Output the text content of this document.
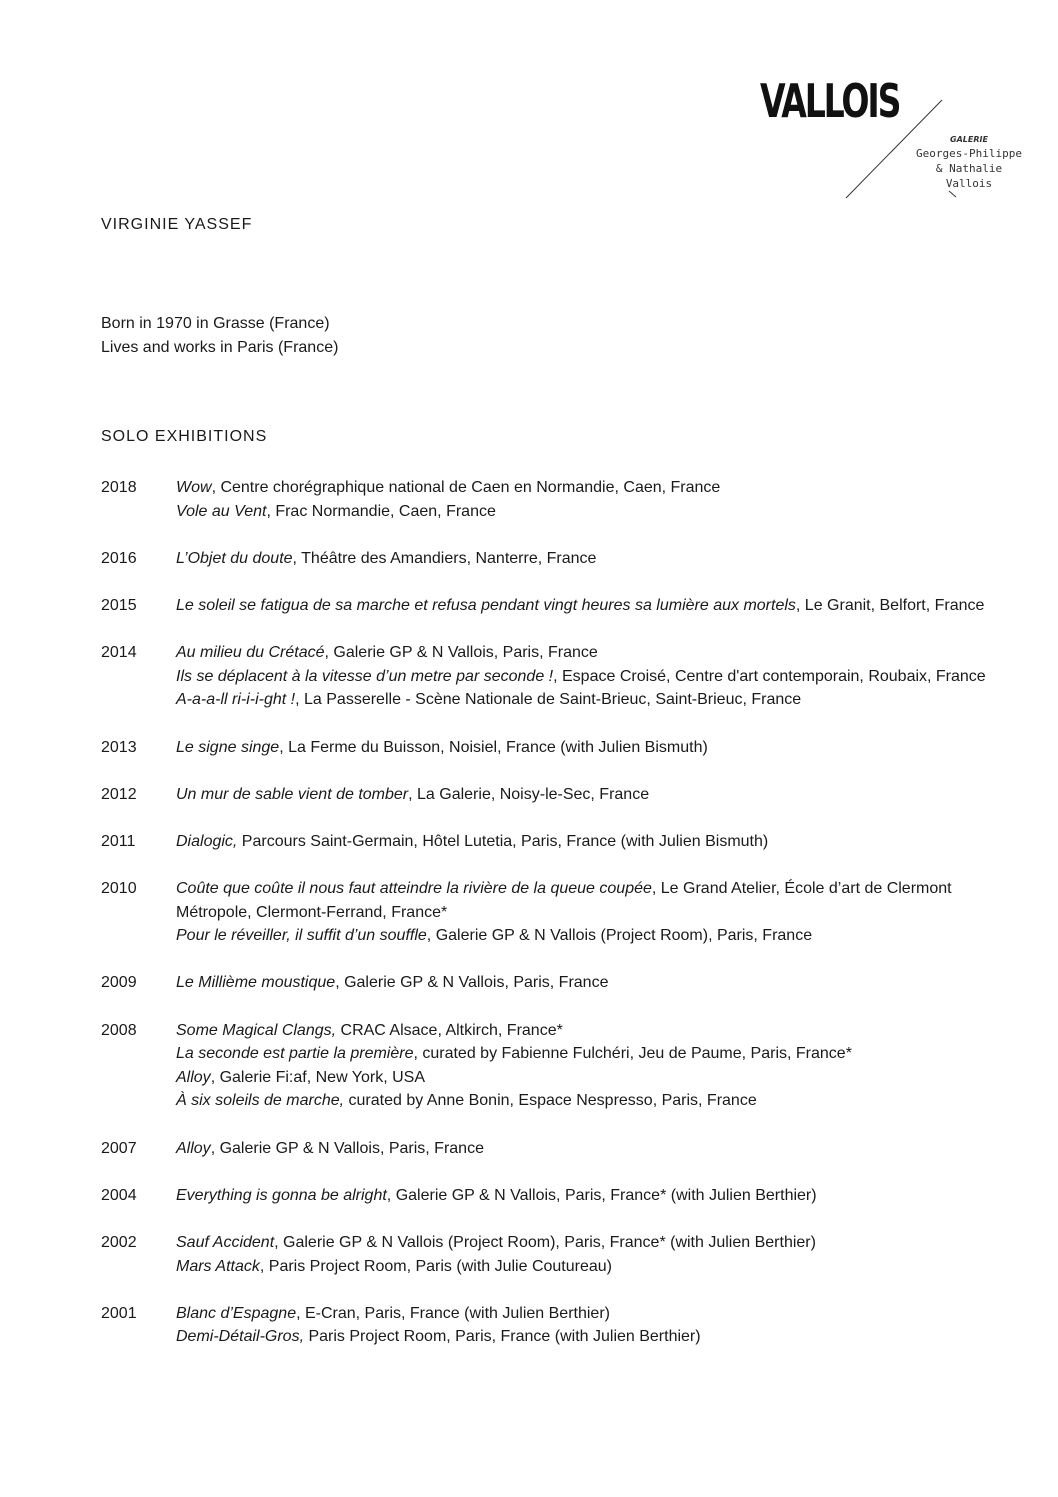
VALLOIS
GALERIE
Georges-Philippe
& Nathalie
Vallois
VIRGINIE YASSEF
Born in 1970 in Grasse (France)
Lives and works in Paris (France)
SOLO EXHIBITIONS
2018	Wow, Centre chorégraphique national de Caen en Normandie, Caen, France
Vole au Vent, Frac Normandie, Caen, France
2016	L’Objet du doute, Théâtre des Amandiers, Nanterre, France
2015	Le soleil se fatigua de sa marche et refusa pendant vingt heures sa lumière aux mortels, Le Granit, Belfort, France
2014	Au milieu du Crétacé, Galerie GP & N Vallois, Paris, France
Ils se déplacent à la vitesse d’un metre par seconde !, Espace Croisé, Centre d'art contemporain, Roubaix, France
A-a-a-ll ri-i-i-ght !, La Passerelle - Scène Nationale de Saint-Brieuc, Saint-Brieuc, France
2013	Le signe singe, La Ferme du Buisson, Noisiel, France (with Julien Bismuth)
2012	Un mur de sable vient de tomber, La Galerie, Noisy-le-Sec, France
2011	Dialogic, Parcours Saint-Germain, Hôtel Lutetia, Paris, France (with Julien Bismuth)
2010	Coûte que coûte il nous faut atteindre la rivière de la queue coupée, Le Grand Atelier, École d’art de Clermont Métropole, Clermont-Ferrand, France*
Pour le réveiller, il suffit d’un souffle, Galerie GP & N Vallois (Project Room), Paris, France
2009	Le Millième moustique, Galerie GP & N Vallois, Paris, France
2008	Some Magical Clangs, CRAC Alsace, Altkirch, France*
La seconde est partie la première, curated by Fabienne Fulchéri, Jeu de Paume, Paris, France*
Alloy, Galerie Fi:af, New York, USA
À six soleils de marche, curated by Anne Bonin, Espace Nespresso, Paris, France
2007	Alloy, Galerie GP & N Vallois, Paris, France
2004	Everything is gonna be alright, Galerie GP & N Vallois, Paris, France* (with Julien Berthier)
2002	Sauf Accident, Galerie GP & N Vallois (Project Room), Paris, France* (with Julien Berthier)
Mars Attack, Paris Project Room, Paris (with Julie Coutureau)
2001	Blanc d’Espagne, E-Cran, Paris, France (with Julien Berthier)
Demi-Détail-Gros, Paris Project Room, Paris, France (with Julien Berthier)
